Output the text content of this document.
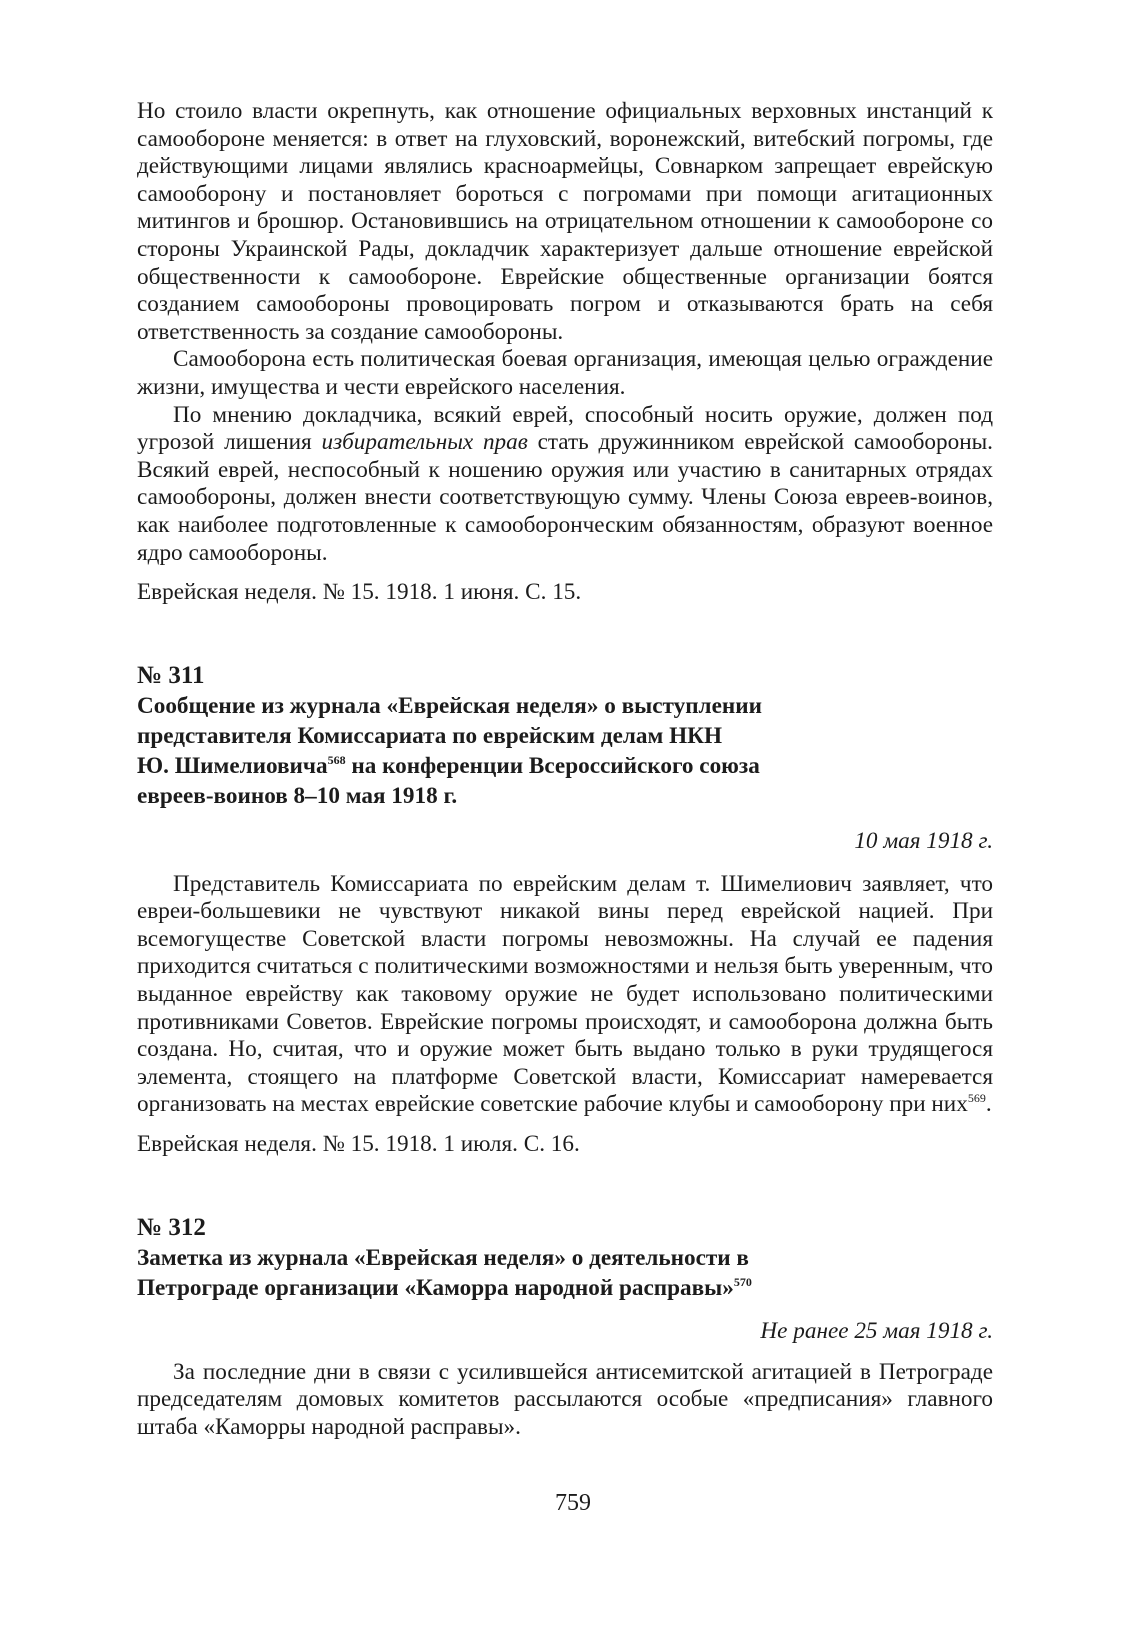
Но стоило власти окрепнуть, как отношение официальных верховных инстанций к самообороне меняется: в ответ на глуховский, воронежский, витебский погромы, где действующими лицами являлись красноармейцы, Совнарком запрещает еврейскую самооборону и постановляет бороться с погромами при помощи агитационных митингов и брошюр. Остановившись на отрицательном отношении к самообороне со стороны Украинской Рады, докладчик характеризует дальше отношение еврейской общественности к самообороне. Еврейские общественные организации боятся созданием самообороны провоцировать погром и отказываются брать на себя ответственность за создание самообороны.

Самооборона есть политическая боевая организация, имеющая целью ограждение жизни, имущества и чести еврейского населения.

По мнению докладчика, всякий еврей, способный носить оружие, должен под угрозой лишения избирательных прав стать дружинником еврейской самообороны. Всякий еврей, неспособный к ношению оружия или участию в санитарных отрядах самообороны, должен внести соответствующую сумму. Члены Союза евреев-воинов, как наиболее подготовленные к самооборонческим обязанностям, образуют военное ядро самообороны.

Еврейская неделя. № 15. 1918. 1 июня. С. 15.

№ 311
Сообщение из журнала «Еврейская неделя» о выступлении
представителя Комиссариата по еврейским делам НКН
Ю. Шимелиовича$^{568}$ на конференции Всероссийского союза
евреев-воинов 8–10 мая 1918 г.
10 мая 1918 г.

Представитель Комиссариата по еврейским делам т. Шимелиович заявляет, что евреи-большевики не чувствуют никакой вины перед еврейской нацией. При всемогуществе Советской власти погромы невозможны. На случай ее падения приходится считаться с политическими возможностями и нельзя быть уверенным, что выданное еврейству как таковому оружие не будет использовано политическими противниками Советов. Еврейские погромы происходят, и самооборона должна быть создана. Но, считая, что и оружие может быть выдано только в руки трудящегося элемента, стоящего на платформе Советской власти, Комиссариат намеревается организовать на местах еврейские советские рабочие клубы и самооборону при них$^{569}$.

Еврейская неделя. № 15. 1918. 1 июля. С. 16.

№ 312
Заметка из журнала «Еврейская неделя» о деятельности в
Петрограде организации «Каморра народной расправы»$^{570}$
Не ранее 25 мая 1918 г.

За последние дни в связи с усилившейся антисемитской агитацией в Петрограде председателям домовых комитетов рассылаются особые «предписания» главного штаба «Каморры народной расправы».

759
